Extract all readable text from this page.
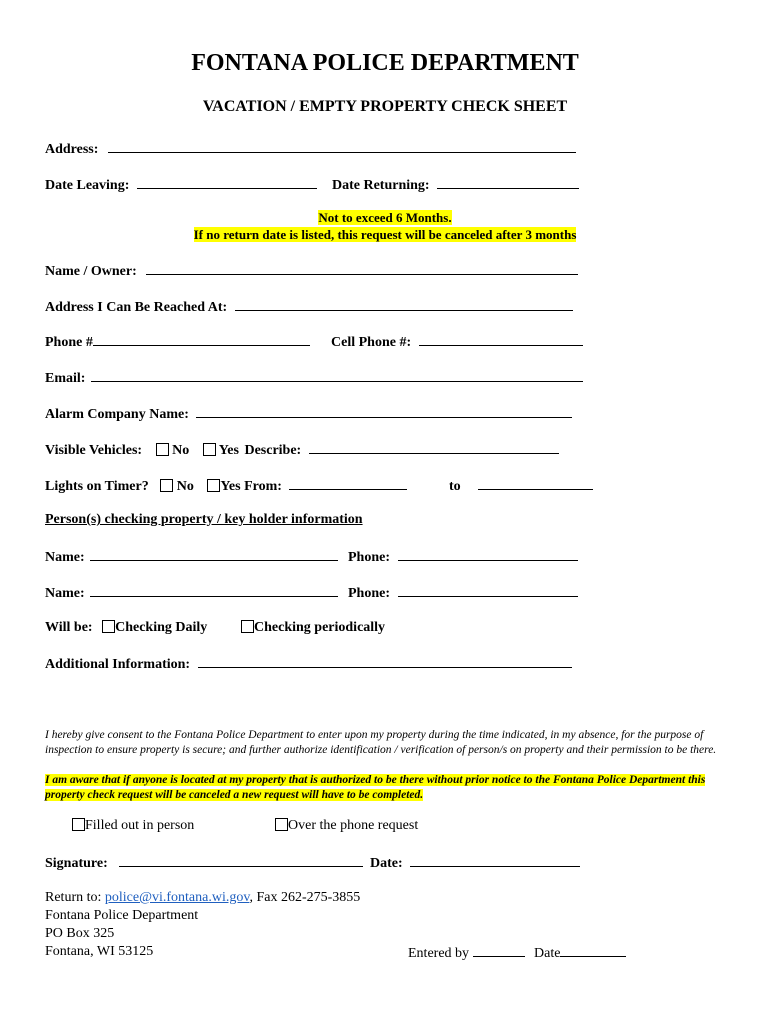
FONTANA POLICE DEPARTMENT
VACATION / EMPTY PROPERTY CHECK SHEET
Address:
Date Leaving:	Date Returning:
Not to exceed 6 Months.
If no return date is listed, this request will be canceled after 3 months
Name / Owner:
Address I Can Be Reached At:
Phone #	Cell Phone #:
Email:
Alarm Company Name:
Visible Vehicles: No Yes Describe:
Lights on Timer? No Yes From:	to
Person(s) checking property / key holder information
Name:	Phone:
Name:	Phone:
Will be: Checking Daily	Checking periodically
Additional Information:
I hereby give consent to the Fontana Police Department to enter upon my property during the time indicated, in my absence, for the purpose of inspection to ensure property is secure; and further authorize identification / verification of person/s on property and their permission to be there.
I am aware that if anyone is located at my property that is authorized to be there without prior notice to the Fontana Police Department this property check request will be canceled a new request will have to be completed.
Filled out in person	Over the phone request
Signature:	Date:
Return to: police@vi.fontana.wi.gov, Fax 262-275-3855
Fontana Police Department
PO Box 325
Fontana, WI 53125	Entered by	Date
